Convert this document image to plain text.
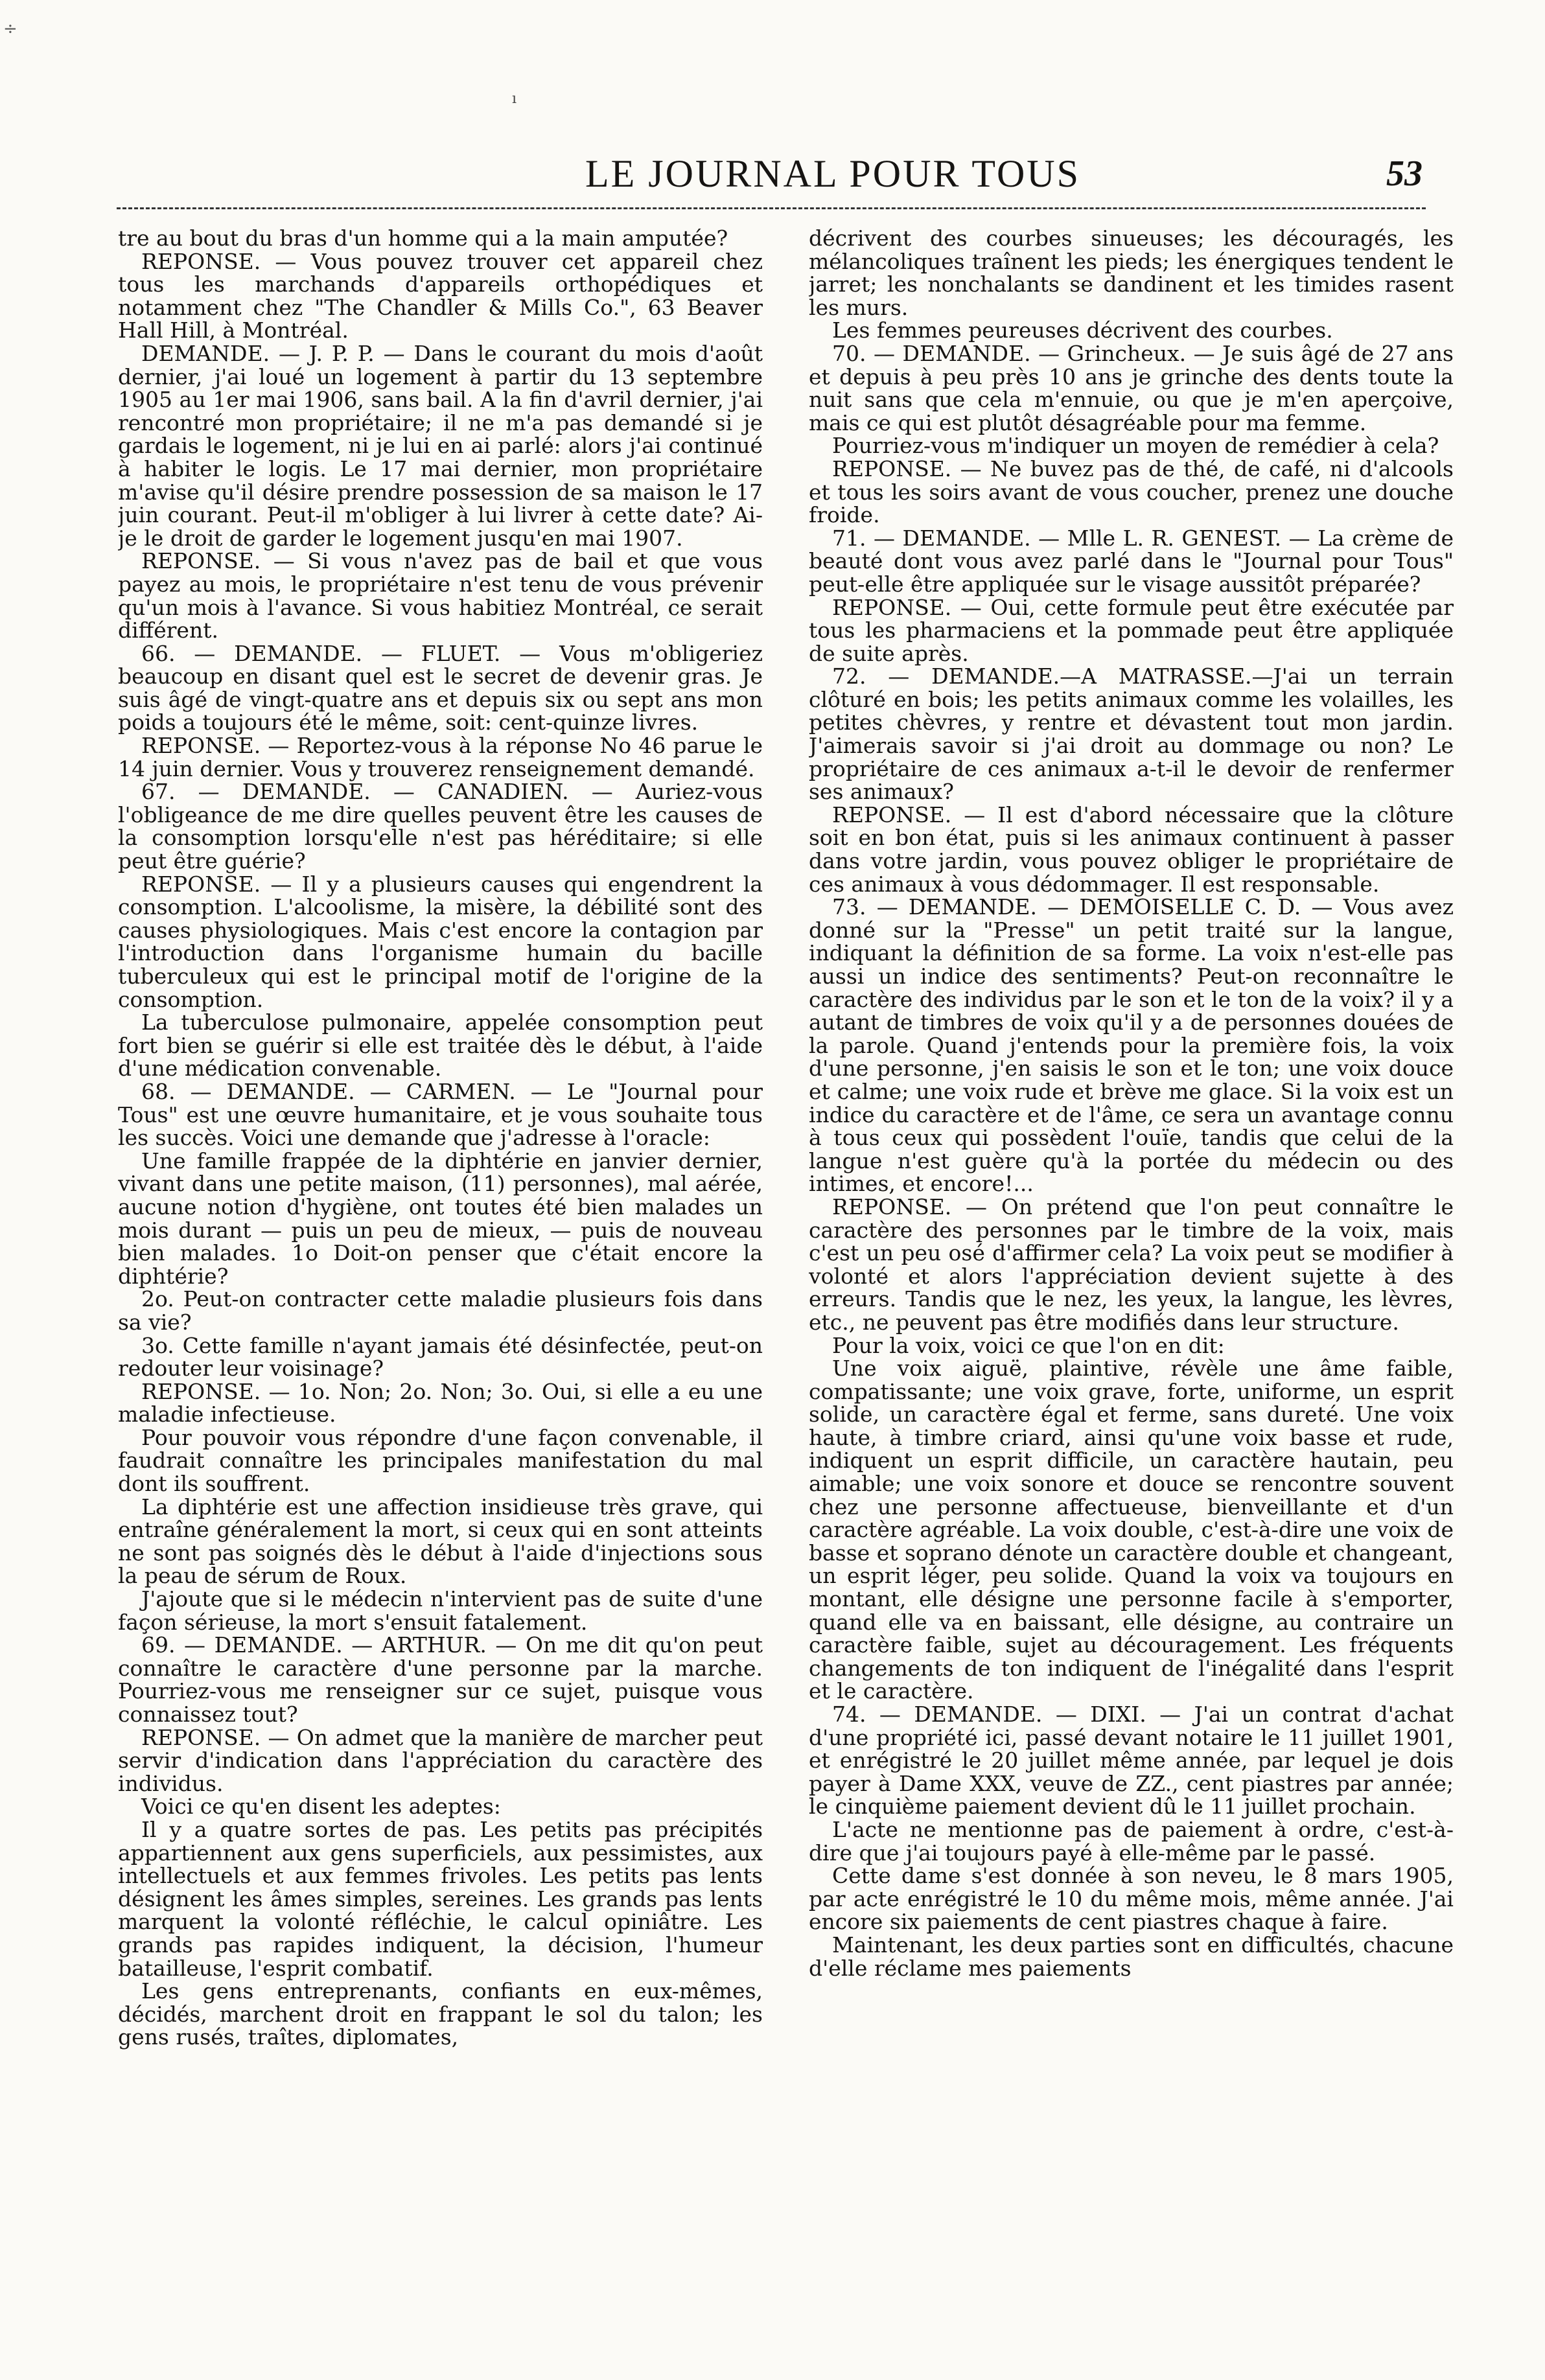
÷
ı
LE JOURNAL POUR TOUS	53

tre au bout du bras d'un homme qui a la main amputée?

REPONSE. — Vous pouvez trouver cet appareil chez tous les marchands d'appareils orthopédiques et notamment chez "The Chandler & Mills Co.", 63 Beaver Hall Hill, à Montréal.

DEMANDE. — J. P. P. — Dans le courant du mois d'août dernier, j'ai loué un logement à partir du 13 septembre 1905 au 1er mai 1906, sans bail. A la fin d'avril dernier, j'ai rencontré mon propriétaire; il ne m'a pas demandé si je gardais le logement, ni je lui en ai parlé: alors j'ai continué à habiter le logis. Le 17 mai dernier, mon propriétaire m'avise qu'il désire prendre possession de sa maison le 17 juin courant. Peut-il m'obliger à lui livrer à cette date? Ai-je le droit de garder le logement jusqu'en mai 1907.

REPONSE. — Si vous n'avez pas de bail et que vous payez au mois, le propriétaire n'est tenu de vous prévenir qu'un mois à l'avance. Si vous habitiez Montréal, ce serait différent.

66. — DEMANDE. — FLUET. — Vous m'obligeriez beaucoup en disant quel est le secret de devenir gras. Je suis âgé de vingt-quatre ans et depuis six ou sept ans mon poids a toujours été le même, soit: cent-quinze livres.

REPONSE. — Reportez-vous à la réponse No 46 parue le 14 juin dernier. Vous y trouverez renseignement demandé.

67. — DEMANDE. — CANADIEN. — Auriez-vous l'obligeance de me dire quelles peuvent être les causes de la consomption lorsqu'elle n'est pas héréditaire; si elle peut être guérie?

REPONSE. — Il y a plusieurs causes qui engendrent la consomption. L'alcoolisme, la misère, la débilité sont des causes physiologiques. Mais c'est encore la contagion par l'introduction dans l'organisme humain du bacille tuberculeux qui est le principal motif de l'origine de la consomption.

La tuberculose pulmonaire, appelée consomption peut fort bien se guérir si elle est traitée dès le début, à l'aide d'une médication convenable.

68. — DEMANDE. — CARMEN. — Le "Journal pour Tous" est une œuvre humanitaire, et je vous souhaite tous les succès. Voici une demande que j'adresse à l'oracle:

Une famille frappée de la diphtérie en janvier dernier, vivant dans une petite maison, (11) personnes), mal aérée, aucune notion d'hygiène, ont toutes été bien malades un mois durant — puis un peu de mieux, — puis de nouveau bien malades. 1o Doit-on penser que c'était encore la diphtérie?

2o. Peut-on contracter cette maladie plusieurs fois dans sa vie?

3o. Cette famille n'ayant jamais été désinfectée, peut-on redouter leur voisinage?

REPONSE. — 1o. Non; 2o. Non; 3o. Oui, si elle a eu une maladie infectieuse.

Pour pouvoir vous répondre d'une façon convenable, il faudrait connaître les principales manifestation du mal dont ils souffrent.

La diphtérie est une affection insidieuse très grave, qui entraîne généralement la mort, si ceux qui en sont atteints ne sont pas soignés dès le début à l'aide d'injections sous la peau de sérum de Roux.

J'ajoute que si le médecin n'intervient pas de suite d'une façon sérieuse, la mort s'ensuit fatalement.

69. — DEMANDE. — ARTHUR. — On me dit qu'on peut connaître le caractère d'une personne par la marche. Pourriez-vous me renseigner sur ce sujet, puisque vous connaissez tout?

REPONSE. — On admet que la manière de marcher peut servir d'indication dans l'appréciation du caractère des individus.

Voici ce qu'en disent les adeptes:

Il y a quatre sortes de pas. Les petits pas précipités appartiennent aux gens superficiels, aux pessimistes, aux intellectuels et aux femmes frivoles. Les petits pas lents désignent les âmes simples, sereines. Les grands pas lents marquent la volonté réfléchie, le calcul opiniâtre. Les grands pas rapides indiquent, la décision, l'humeur batailleuse, l'esprit combatif.

Les gens entreprenants, confiants en eux-mêmes, décidés, marchent droit en frappant le sol du talon; les gens rusés, traîtes, diplomates,

décrivent des courbes sinueuses; les découragés, les mélancoliques traînent les pieds; les énergiques tendent le jarret; les nonchalants se dandinent et les timides rasent les murs.

Les femmes peureuses décrivent des courbes.

70. — DEMANDE. — Grincheux. — Je suis âgé de 27 ans et depuis à peu près 10 ans je grinche des dents toute la nuit sans que cela m'ennuie, ou que je m'en aperçoive, mais ce qui est plutôt désagréable pour ma femme.

Pourriez-vous m'indiquer un moyen de remédier à cela?

REPONSE. — Ne buvez pas de thé, de café, ni d'alcools et tous les soirs avant de vous coucher, prenez une douche froide.

71. — DEMANDE. — Mlle L. R. GENEST. — La crème de beauté dont vous avez parlé dans le "Journal pour Tous" peut-elle être appliquée sur le visage aussitôt préparée?

REPONSE. — Oui, cette formule peut être exécutée par tous les pharmaciens et la pommade peut être appliquée de suite après.

72. — DEMANDE.—A MATRASSE.—J'ai un terrain clôturé en bois; les petits animaux comme les volailles, les petites chèvres, y rentre et dévastent tout mon jardin. J'aimerais savoir si j'ai droit au dommage ou non? Le propriétaire de ces animaux a-t-il le devoir de renfermer ses animaux?

REPONSE. — Il est d'abord nécessaire que la clôture soit en bon état, puis si les animaux continuent à passer dans votre jardin, vous pouvez obliger le propriétaire de ces animaux à vous dédommager. Il est responsable.

73. — DEMANDE. — DEMOISELLE C. D. — Vous avez donné sur la "Presse" un petit traité sur la langue, indiquant la définition de sa forme. La voix n'est-elle pas aussi un indice des sentiments? Peut-on reconnaître le caractère des individus par le son et le ton de la voix? il y a autant de timbres de voix qu'il y a de personnes douées de la parole. Quand j'entends pour la première fois, la voix d'une personne, j'en saisis le son et le ton; une voix douce et calme; une voix rude et brève me glace. Si la voix est un indice du caractère et de l'âme, ce sera un avantage connu à tous ceux qui possèdent l'ouïe, tandis que celui de la langue n'est guère qu'à la portée du médecin ou des intimes, et encore!...

REPONSE. — On prétend que l'on peut connaître le caractère des personnes par le timbre de la voix, mais c'est un peu osé d'affirmer cela? La voix peut se modifier à volonté et alors l'appréciation devient sujette à des erreurs. Tandis que le nez, les yeux, la langue, les lèvres, etc., ne peuvent pas être modifiés dans leur structure.

Pour la voix, voici ce que l'on en dit:

Une voix aiguë, plaintive, révèle une âme faible, compatissante; une voix grave, forte, uniforme, un esprit solide, un caractère égal et ferme, sans dureté. Une voix haute, à timbre criard, ainsi qu'une voix basse et rude, indiquent un esprit difficile, un caractère hautain, peu aimable; une voix sonore et douce se rencontre souvent chez une personne affectueuse, bienveillante et d'un caractère agréable. La voix double, c'est-à-dire une voix de basse et soprano dénote un caractère double et changeant, un esprit léger, peu solide. Quand la voix va toujours en montant, elle désigne une personne facile à s'emporter, quand elle va en baissant, elle désigne, au contraire un caractère faible, sujet au découragement. Les fréquents changements de ton indiquent de l'inégalité dans l'esprit et le caractère.

74. — DEMANDE. — DIXI. — J'ai un contrat d'achat d'une propriété ici, passé devant notaire le 11 juillet 1901, et enrégistré le 20 juillet même année, par lequel je dois payer à Dame XXX, veuve de ZZ., cent piastres par année; le cinquième paiement devient dû le 11 juillet prochain.

L'acte ne mentionne pas de paiement à ordre, c'est-à-dire que j'ai toujours payé à elle-même par le passé.

Cette dame s'est donnée à son neveu, le 8 mars 1905, par acte enrégistré le 10 du même mois, même année. J'ai encore six paiements de cent piastres chaque à faire.

Maintenant, les deux parties sont en difficultés, chacune d'elle réclame mes paiements
